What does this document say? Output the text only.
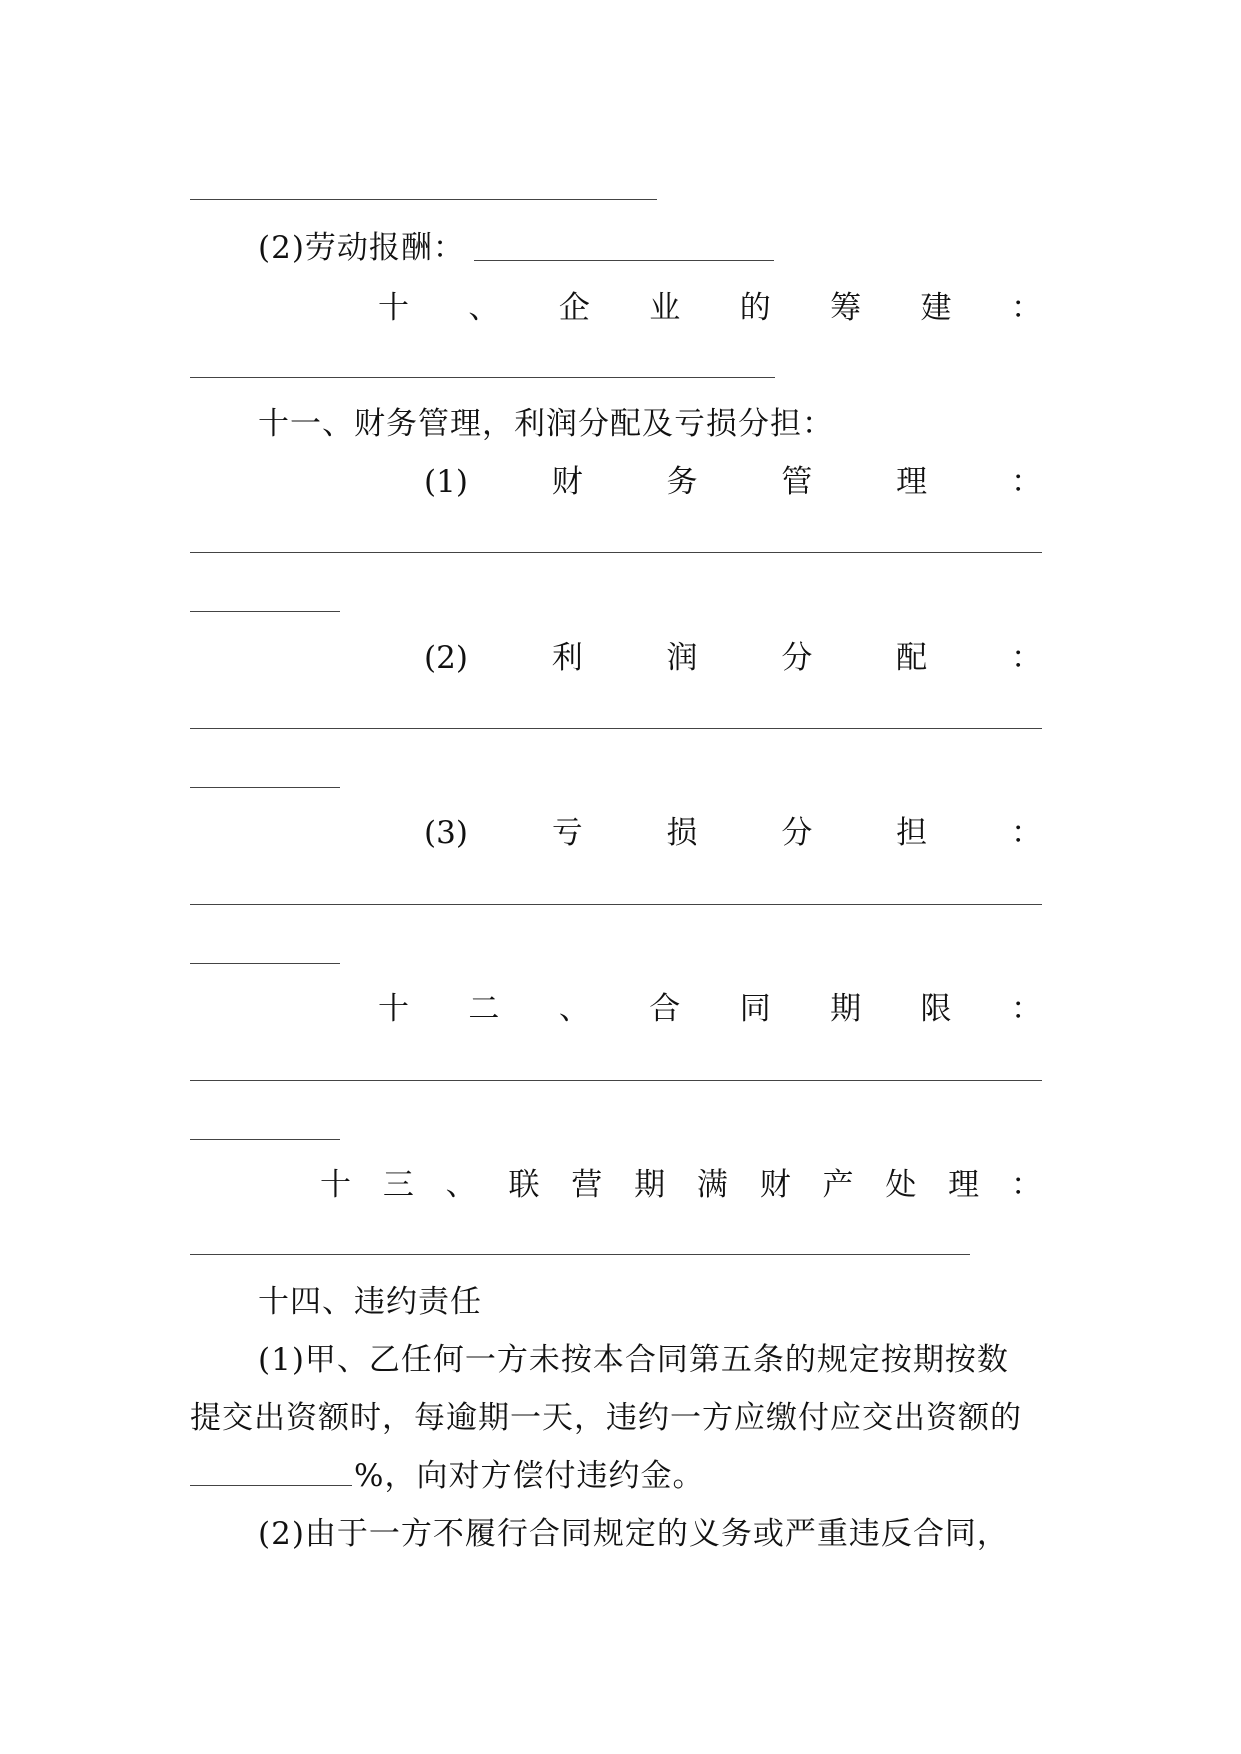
(2)劳动报酬：
十 、 企 业 的 筹 建 ：
十一、财务管理，利润分配及亏损分担：
(1)	财	务	管	理	：
(2)	利	润	分	配	：
(3)	亏	损	分	担	：
十 二 、 合 同 期 限 ：
十 三 、 联 营 期 满 财 产 处 理 ：
十四、违约责任
(1)甲、乙任何一方未按本合同第五条的规定按期按数
提交出资额时，每逾期一天，违约一方应缴付应交出资额的
%，向对方偿付违约金。
(2)由于一方不履行合同规定的义务或严重违反合同，
